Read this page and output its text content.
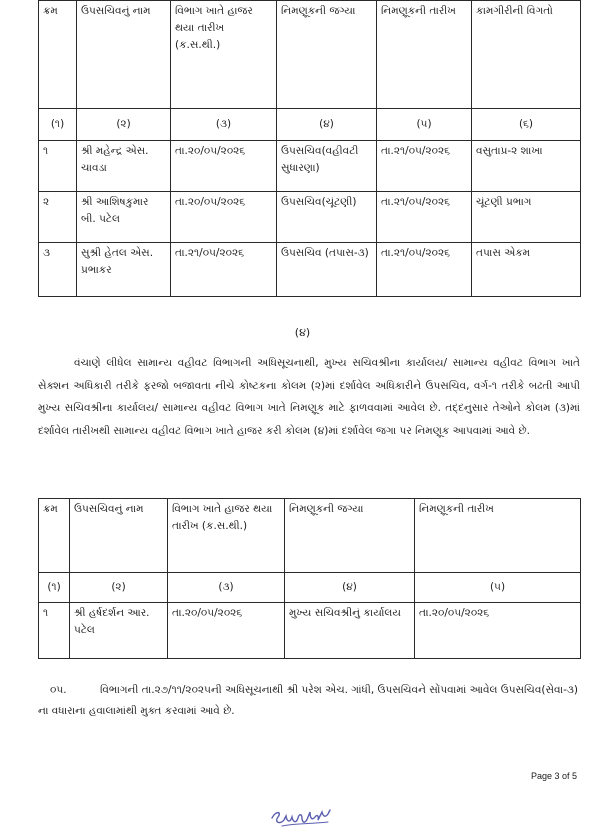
ક્રમ	ઉપસચિવનું નામ	વિભાગ ખાતે હાજર થયા તારીખ (ક.સ.થી.)	નિમણૂકની જગ્યા	નિમણૂકની તારીખ	કામગીરીની વિગતો
(૧)	(૨)	(૩)	(૪)	(૫)	(૬)
૧	શ્રી મહેન્દ્ર એસ. ચાવડા	તા.૨૦/૦૫/૨૦૨૬	ઉપસચિવ(વહીવટી સુધારણા)	તા.૨૧/૦૫/૨૦૨૬	વસુતાપ્ર-૨ શાખા
૨	શ્રી આશિષકુમાર બી. પટેલ	તા.૨૦/૦૫/૨૦૨૬	ઉપસચિવ(ચૂંટણી)	તા.૨૧/૦૫/૨૦૨૬	ચૂંટણી પ્રભાગ
૩	સુશ્રી હેતલ એસ. પ્રભાકર	તા.૨૧/૦૫/૨૦૨૬	ઉપસચિવ (તપાસ-૩)	તા.૨૧/૦૫/૨૦૨૬	તપાસ એકમ
(૪)
વંચાણે લીધેલ સામાન્ય વહીવટ વિભાગની અધિસૂચનાથી, મુખ્ય સચિવશ્રીના કાર્યાલય/ સામાન્ય વહીવટ વિભાગ ખાતે સેક્શન અધિકારી તરીકે ફરજો બજાવતા નીચે કોષ્ટકના કોલમ (૨)માં દર્શાવેલ અધિકારીને ઉપસચિવ, વર્ગ-૧ તરીકે બઢતી આપી મુખ્ય સચિવશ્રીના કાર્યાલય/ સામાન્ય વહીવટ વિભાગ ખાતે નિમણૂક માટે ફાળવવામાં આવેલ છે. તદ્દનુસાર તેઓને કોલમ (૩)માં દર્શાવેલ તારીખથી સામાન્ય વહીવટ વિભાગ ખાતે હાજર કરી કોલમ (૪)માં દર્શાવેલ જગા પર નિમણૂક આપવામાં આવે છે.
ક્રમ	ઉપસચિવનું નામ	વિભાગ ખાતે હાજર થયા તારીખ (ક.સ.થી.)	નિમણૂકની જગ્યા	નિમણૂકની તારીખ
(૧)	(૨)	(૩)	(૪)	(૫)
૧	શ્રી હર્ષદર્શન આર. પટેલ	તા.૨૦/૦૫/૨૦૨૬	મુખ્ય સચિવશ્રીનું કાર્યાલય	તા.૨૦/૦૫/૨૦૨૬
૦૫.	વિભાગની તા.૨૭/૧૧/૨૦૨૫ની અધિસૂચનાથી શ્રી પરેશ એચ. ગાંધી, ઉપસચિવને સોંપવામાં આવેલ ઉપસચિવ(સેવા-૩) ના વધારાના હવાલામાંથી મુક્ત કરવામાં આવે છે.
Page 3 of 5
